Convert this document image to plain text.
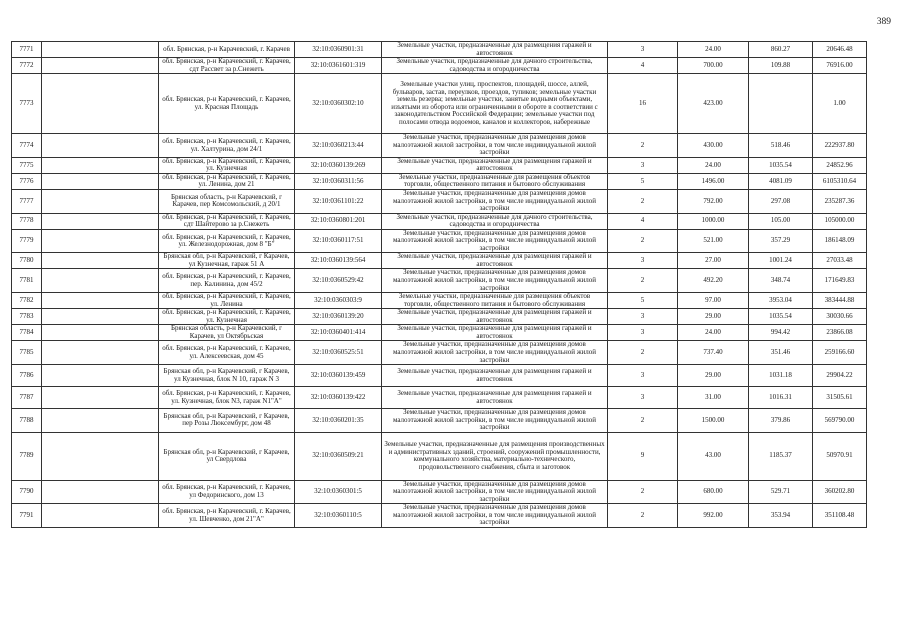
389
7771		обл. Брянская, р-н Карачевский, г. Карачев	32:10:0360901:31	Земельные участки, предназначенные для размещения гаражей и автостоянок	3	24.00	860.27	20646.48
7772		обл. Брянская, р-н Карачевский, г. Карачев, сдт Рассвет за р.Снежеть	32:10:0361601:319	Земельные участки, предназначенные для дачного строительства, садоводства и огородничества	4	700.00	109.88	76916.00
7773		обл. Брянская, р-н Карачевский, г. Карачев, ул. Красная Площадь	32:10:0360302:10	Земельные участки улиц, проспектов, площадей, шоссе, аллей, бульваров, застав, переулков, проездов, тупиков; земельные участки земель резерва; земельные участки, занятые водными объектами, изъятыми из оборота или ограниченными в обороте в соответствии с законодательством Российской Федерации; земельные участки под полосами отвода водоемов, каналов и коллекторов, набережные	16	423.00		1.00
7774		обл. Брянская, р-н Карачевский, г. Карачев, ул. Халтурина, дом 24/1	32:10:0360213:44	Земельные участки, предназначенные для размещения домов малоэтажной жилой застройки, в том числе индивидуальной жилой застройки	2	430.00	518.46	222937.80
7775		обл. Брянская, р-н Карачевский, г. Карачев, ул. Кузнечная	32:10:0360139:269	Земельные участки, предназначенные для размещения гаражей и автостоянок	3	24.00	1035.54	24852.96
7776		обл. Брянская, р-н Карачевский, г. Карачев, ул. Ленина, дом 21	32:10:0360311:56	Земельные участки, предназначенные для размещения объектов торговли, общественного питания и бытового обслуживания	5	1496.00	4081.09	6105310.64
7777		Брянская область, р-н Карачевский, г Карачев, пер Комсомольский, д 20/1	32:10:0361101:22	Земельные участки, предназначенные для размещения домов малоэтажной жилой застройки, в том числе индивидуальной жилой застройки	2	792.00	297.08	235287.36
7778		обл. Брянская, р-н Карачевский, г. Карачев, сдт Шайтерово за р.Снежеть	32:10:0360801:201	Земельные участки, предназначенные для дачного строительства, садоводства и огородничества	4	1000.00	105.00	105000.00
7779		обл. Брянская, р-н Карачевский, г. Карачев, ул. Железнодорожная, дом 8 "Б"	32:10:0360117:51	Земельные участки, предназначенные для размещения домов малоэтажной жилой застройки, в том числе индивидуальной жилой застройки	2	521.00	357.29	186148.09
7780		Брянская обл, р-н Карачевский, г Карачев, ул Кузнечная, гараж 51 А	32:10:0360139:564	Земельные участки, предназначенные для размещения гаражей и автостоянок	3	27.00	1001.24	27033.48
7781		обл. Брянская, р-н Карачевский, г. Карачев, пер. Калинина, дом 45/2	32:10:0360529:42	Земельные участки, предназначенные для размещения домов малоэтажной жилой застройки, в том числе индивидуальной жилой застройки	2	492.20	348.74	171649.83
7782		обл. Брянская, р-н Карачевский, г. Карачев, ул. Ленина	32:10:0360303:9	Земельные участки, предназначенные для размещения объектов торговли, общественного питания и бытового обслуживания	5	97.00	3953.04	383444.88
7783		обл. Брянская, р-н Карачевский, г. Карачев, ул. Кузнечная	32:10:0360139:20	Земельные участки, предназначенные для размещения гаражей и автостоянок	3	29.00	1035.54	30030.66
7784		Брянская область, р-н Карачевский, г Карачев, ул Октябрьская	32:10:0360401:414	Земельные участки, предназначенные для размещения гаражей и автостоянок	3	24.00	994.42	23866.08
7785		обл. Брянская, р-н Карачевский, г. Карачев, ул. Алексеевская, дом 45	32:10:0360525:51	Земельные участки, предназначенные для размещения домов малоэтажной жилой застройки, в том числе индивидуальной жилой застройки	2	737.40	351.46	259166.60
7786		Брянская обл, р-н Карачевский, г Карачев, ул Кузнечная, блок N 10, гараж N 3	32:10:0360139:459	Земельные участки, предназначенные для размещения гаражей и автостоянок	3	29.00	1031.18	29904.22
7787		обл. Брянская, р-н Карачевский, г. Карачев, ул. Кузнечная, блок N3, гараж N1"А"	32:10:0360139:422	Земельные участки, предназначенные для размещения гаражей и автостоянок	3	31.00	1016.31	31505.61
7788		Брянская обл, р-н Карачевский, г Карачев, пер Розы Люксембург, дом 48	32:10:0360201:35	Земельные участки, предназначенные для размещения домов малоэтажной жилой застройки, в том числе индивидуальной жилой застройки	2	1500.00	379.86	569790.00
7789		Брянская обл, р-н Карачевский, г Карачев, ул Свердлова	32:10:0360509:21	Земельные участки, предназначенные для размещения производственных и административных зданий, строений, сооружений промышленности, коммунального хозяйства, материально-технического, продовольственного снабжения, сбыта и заготовок	9	43.00	1185.37	50970.91
7790		обл. Брянская, р-н Карачевский, г. Карачев, ул Федоринского, дом 13	32:10:0360301:5	Земельные участки, предназначенные для размещения домов малоэтажной жилой застройки, в том числе индивидуальной жилой застройки	2	680.00	529.71	360202.80
7791		обл. Брянская, р-н Карачевский, г. Карачев, ул. Шевченко, дом 21"А"	32:10:0360110:5	Земельные участки, предназначенные для размещения домов малоэтажной жилой застройки, в том числе индивидуальной жилой застройки	2	992.00	353.94	351108.48
